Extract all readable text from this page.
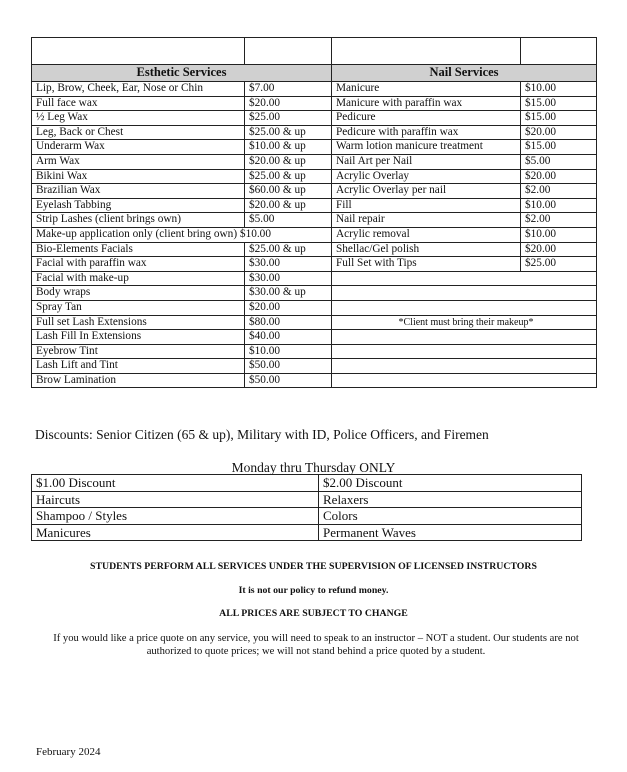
Esthetic Services		Nail Services	
Lip, Brow, Cheek, Ear, Nose or Chin	$7.00	Manicure	$10.00
Full face wax	$20.00	Manicure with paraffin wax	$15.00
½ Leg Wax	$25.00	Pedicure	$15.00
Leg, Back or Chest	$25.00 & up	Pedicure with paraffin wax	$20.00
Underarm Wax	$10.00 & up	Warm lotion manicure treatment	$15.00
Arm Wax	$20.00 & up	Nail Art per Nail	$5.00
Bikini Wax	$25.00 & up	Acrylic Overlay	$20.00
Brazilian Wax	$60.00 & up	Acrylic Overlay per nail	$2.00
Eyelash Tabbing	$20.00 & up	Fill	$10.00
Strip Lashes (client brings own)	$5.00	Nail repair	$2.00
Make-up application only (client bring own) $10.00		Acrylic removal	$10.00
Bio-Elements Facials	$25.00 & up	Shellac/Gel polish	$20.00
Facial with paraffin wax	$30.00	Full Set with Tips	$25.00
Facial with make-up	$30.00		
Body wraps	$30.00 & up		
Spray Tan	$20.00		
Full set Lash Extensions	$80.00	*Client must bring their makeup*	
Lash Fill In Extensions	$40.00		
Eyebrow Tint	$10.00		
Lash Lift and Tint	$50.00		
Brow Lamination	$50.00		
Discounts: Senior Citizen (65 & up), Military with ID, Police Officers, and Firemen
Monday thru Thursday ONLY
$1.00 Discount	$2.00 Discount
Haircuts	Relaxers
Shampoo / Styles	Colors
Manicures	Permanent Waves
STUDENTS PERFORM ALL SERVICES UNDER THE SUPERVISION OF LICENSED INSTRUCTORS
It is not our policy to refund money.
ALL PRICES ARE SUBJECT TO CHANGE
If you would like a price quote on any service, you will need to speak to an instructor – NOT a student. Our students are not authorized to quote prices; we will not stand behind a price quoted by a student.
February 2024
